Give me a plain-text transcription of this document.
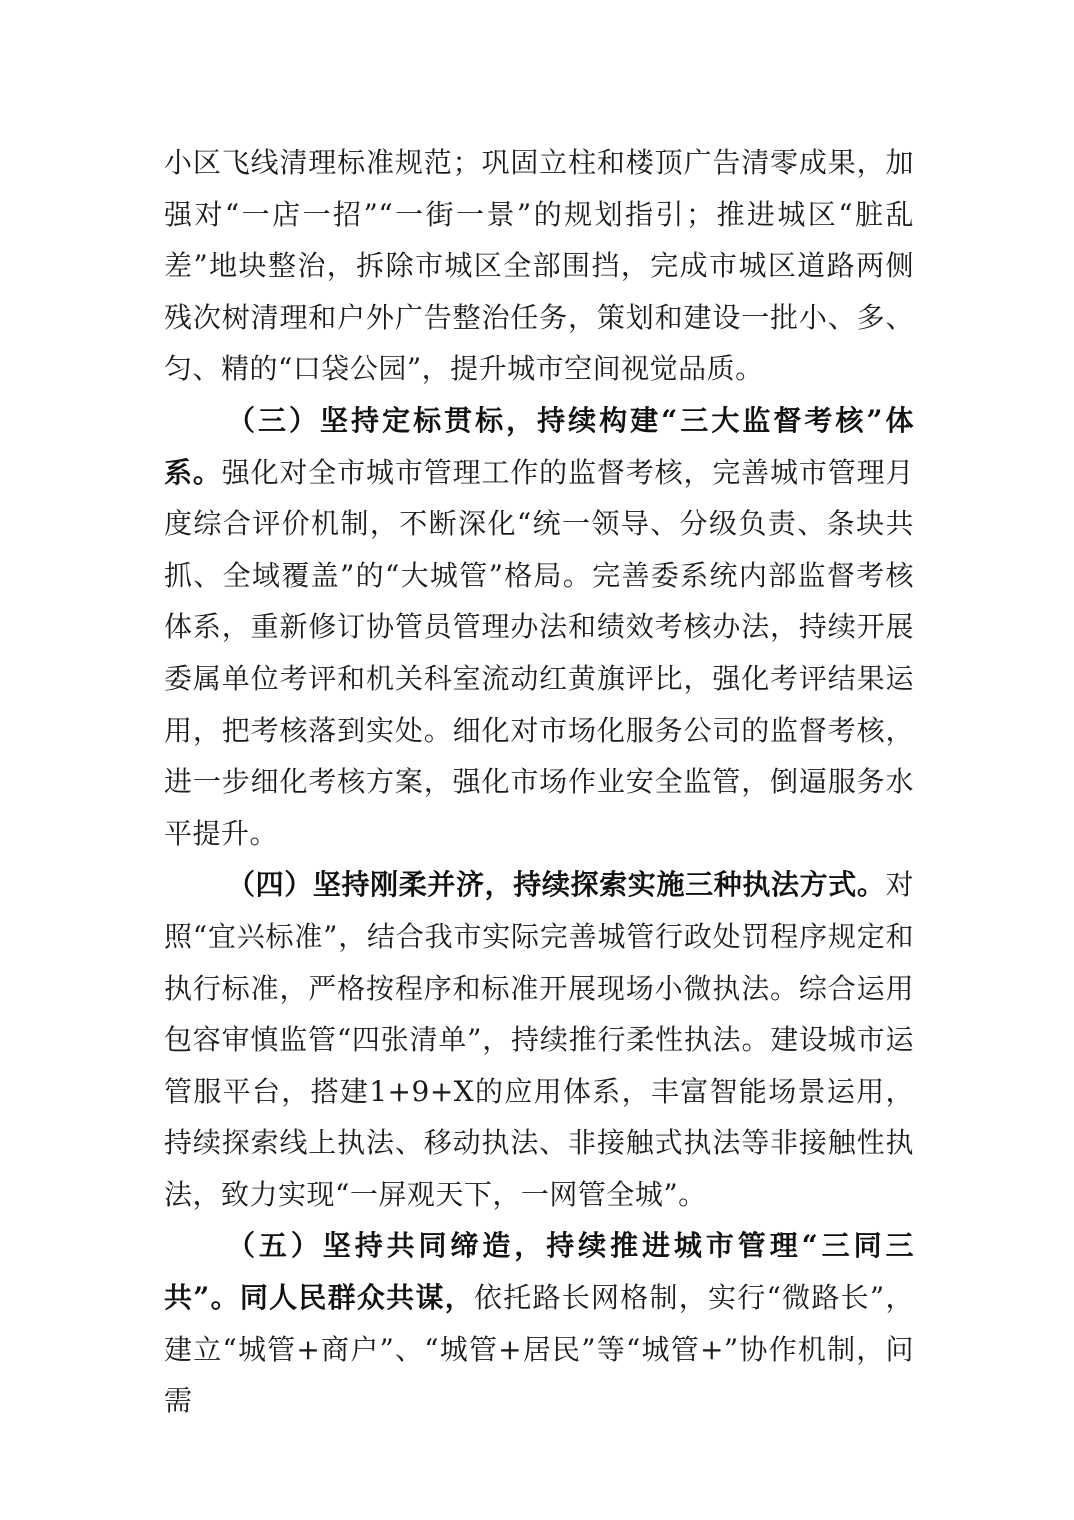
小区飞线清理标准规范；巩固立柱和楼顶广告清零成果，加强对“一店一招”“一街一景”的规划指引；推进城区“脏乱差”地块整治，拆除市城区全部围挡，完成市城区道路两侧残次树清理和户外广告整治任务，策划和建设一批小、多、匀、精的“口袋公园”，提升城市空间视觉品质。

（三）坚持定标贯标，持续构建“三大监督考核”体系。强化对全市城市管理工作的监督考核，完善城市管理月度综合评价机制，不断深化“统一领导、分级负责、条块共抓、全域覆盖”的“大城管”格局。完善委系统内部监督考核体系，重新修订协管员管理办法和绩效考核办法，持续开展委属单位考评和机关科室流动红黄旗评比，强化考评结果运用，把考核落到实处。细化对市场化服务公司的监督考核，进一步细化考核方案，强化市场作业安全监管，倒逼服务水平提升。

（四）坚持刚柔并济，持续探索实施三种执法方式。对照“宜兴标准”，结合我市实际完善城管行政处罚程序规定和执行标准，严格按程序和标准开展现场小微执法。综合运用包容审慎监管“四张清单”，持续推行柔性执法。建设城市运管服平台，搭建1+9+X的应用体系，丰富智能场景运用，持续探索线上执法、移动执法、非接触式执法等非接触性执法，致力实现“一屏观天下，一网管全城”。

（五）坚持共同缔造，持续推进城市管理“三同三共”。同人民群众共谋，依托路长网格制，实行“微路长”，建立“城管+商户”、“城管+居民”等“城管+”协作机制，问需
